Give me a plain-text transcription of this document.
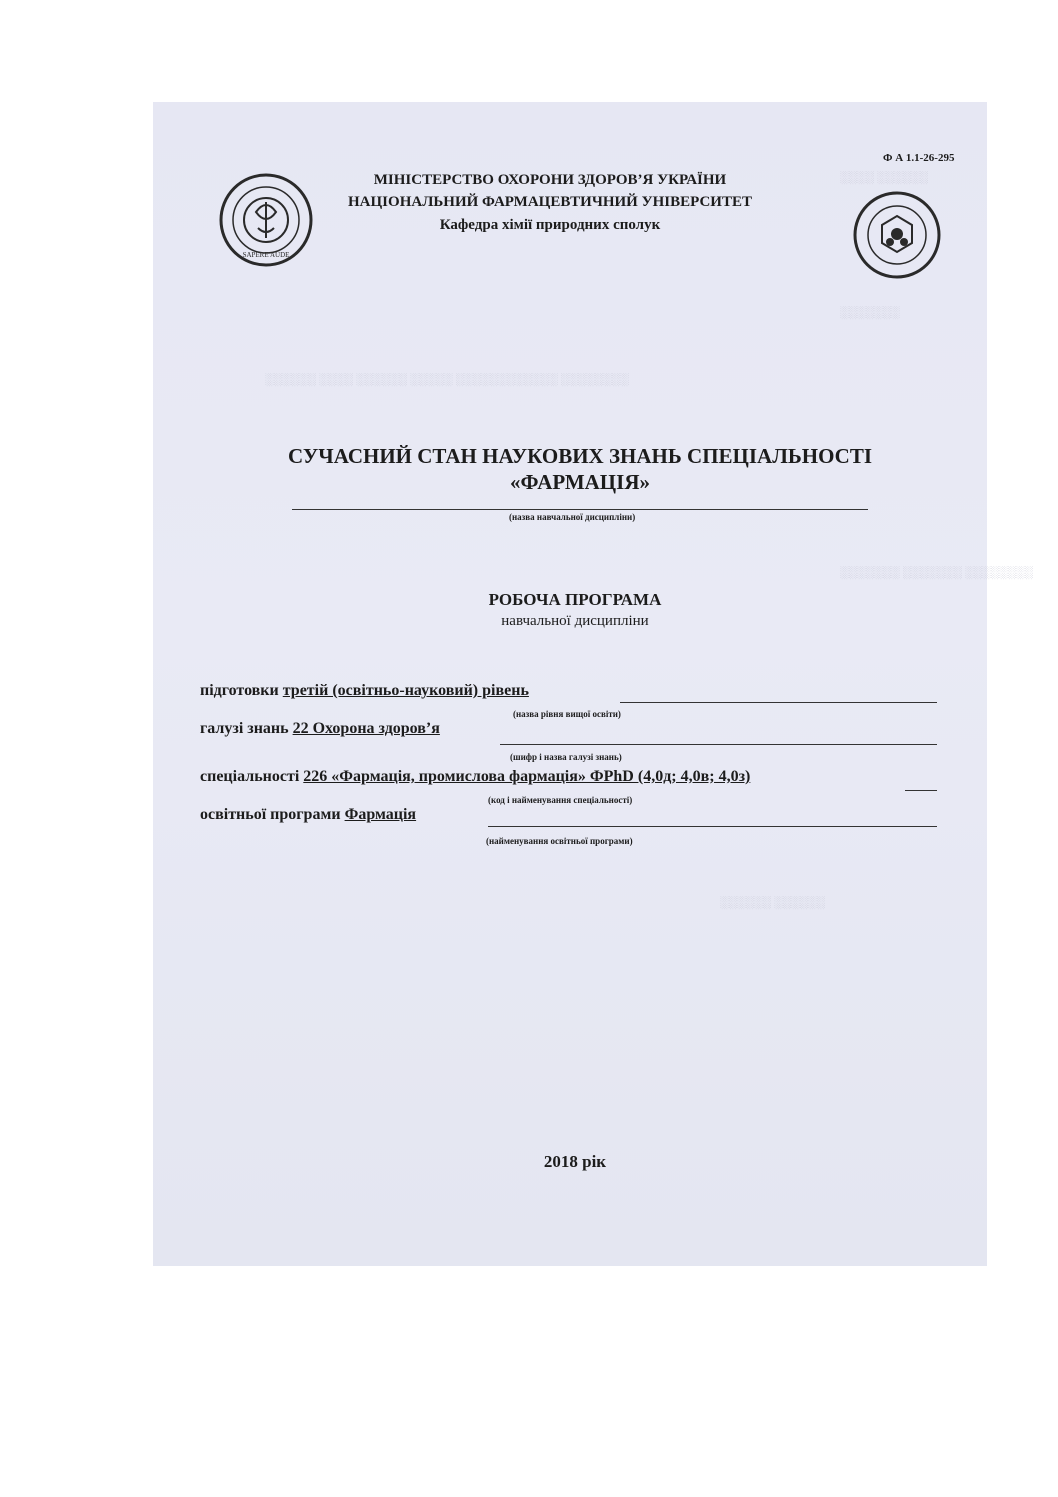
░░░░ ░░░░░░
░░░░░░ ░░░░ ░░░░░░ ░░░░░ ░░░░░░░░░░░░ ░░░░░░░░
░░░░░░░
░░░░░░░ ░░░░░░░ ░░░░░░░░
░░░░░░ ░░░░░░
Ф А 1.1-26-295
SAPERE AUDE
МІНІСТЕРСТВО ОХОРОНИ ЗДОРОВ’Я УКРАЇНИ
НАЦІОНАЛЬНИЙ ФАРМАЦЕВТИЧНИЙ УНІВЕРСИТЕТ
Кафедра хімії природних сполук
СУЧАСНИЙ СТАН НАУКОВИХ ЗНАНЬ СПЕЦІАЛЬНОСТІ
«ФАРМАЦІЯ»
(назва навчальної дисципліни)
РОБОЧА ПРОГРАМА
навчальної дисципліни
підготовки третій (освітньо-науковий) рівень
(назва рівня вищої освіти)
галузі знань 22 Охорона здоров’я
(шифр і назва галузі знань)
спеціальності 226 «Фармація, промислова фармація» ФPhD (4,0д; 4,0в; 4,0з)
(код і найменування спеціальності)
освітньої програми Фармація
(найменування освітньої програми)
2018 рік
